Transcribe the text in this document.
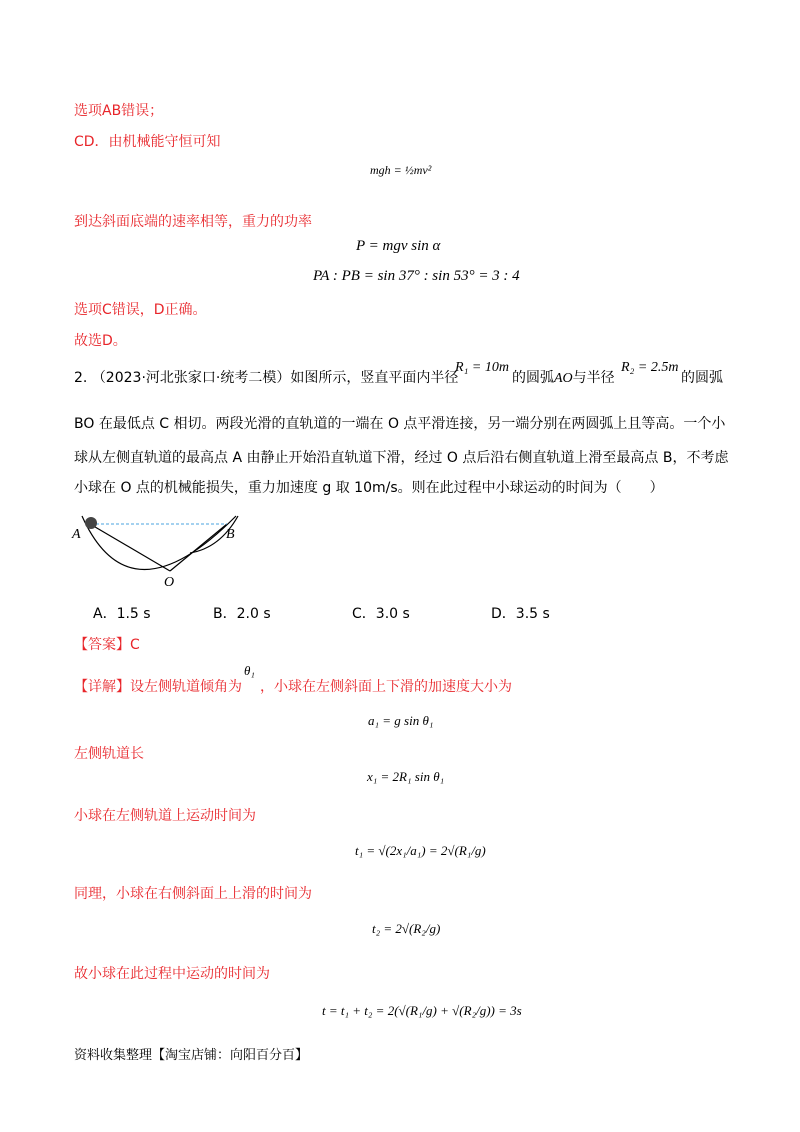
选项AB错误；
CD．由机械能守恒可知
mgh = ½mv²
到达斜面底端的速率相等，重力的功率
P = mgv sin α
PA : PB = sin 37° : sin 53° = 3 : 4
选项C错误，D正确。
故选D。
2. （2023·河北张家口·统考二模）如图所示，竖直平面内半径
R₁ = 10m
的圆弧AO与半径
R₂ = 2.5m
的圆弧
BO 在最低点 C 相切。两段光滑的直轨道的一端在 O 点平滑连接，另一端分别在两圆弧上且等高。一个小
球从左侧直轨道的最高点 A 由静止开始沿直轨道下滑，经过 O 点后沿右侧直轨道上滑至最高点 B，不考虑
小球在 O 点的机械能损失，重力加速度 g 取 10m/s。则在此过程中小球运动的时间为（　　）
A	B
O
A．1.5 s	B．2.0 s	C．3.0 s	D．3.5 s
【答案】C
【详解】设左侧轨道倾角为
θ₁
，小球在左侧斜面上下滑的加速度大小为
a₁ = g sin θ₁
左侧轨道长
x₁ = 2R₁ sin θ₁
小球在左侧轨道上运动时间为
t₁ = √(2x₁/a₁) = 2√(R₁/g)
同理，小球在右侧斜面上上滑的时间为
t₂ = 2√(R₂/g)
故小球在此过程中运动的时间为
t = t₁ + t₂ = 2(√(R₁/g) + √(R₂/g)) = 3s
资料收集整理【淘宝店铺：向阳百分百】
